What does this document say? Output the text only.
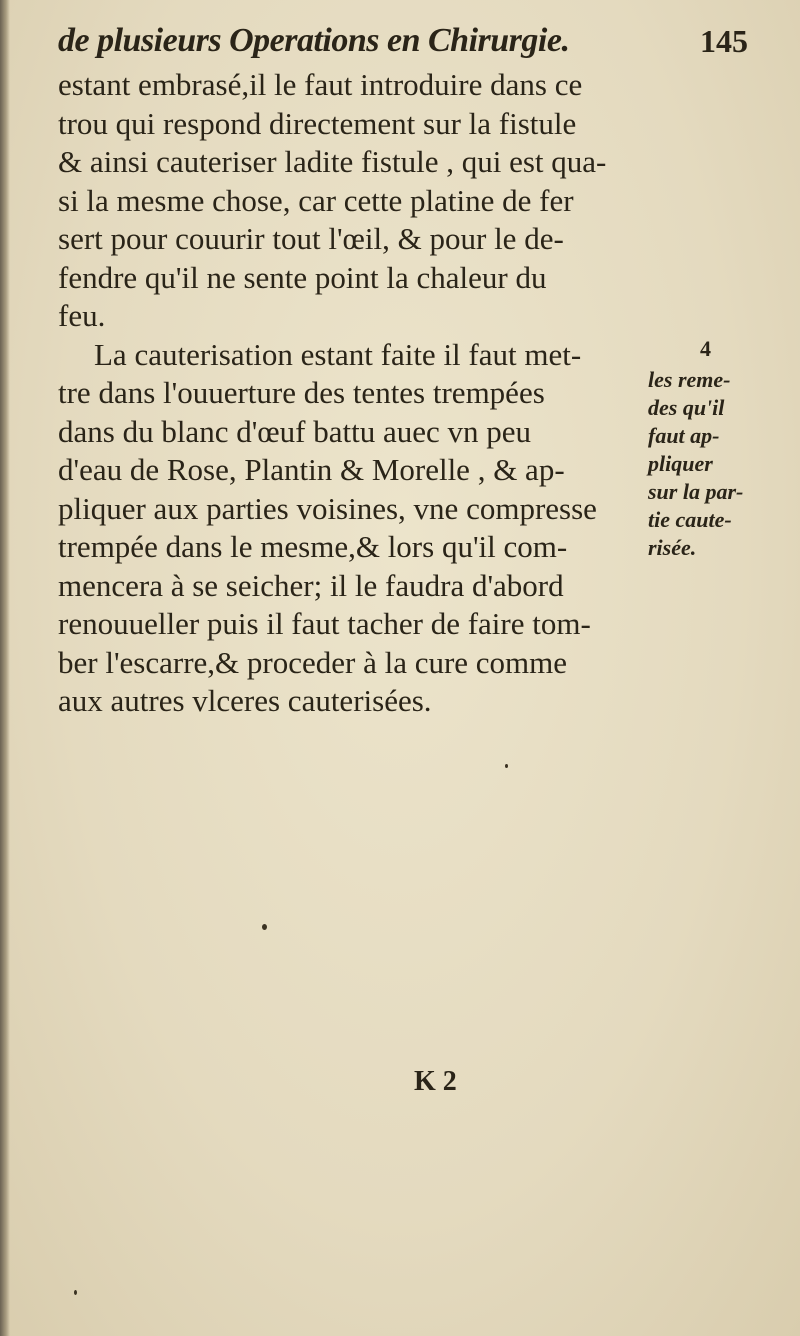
de plusieurs Operations en Chirurgie.	145
estant embrasé,il le faut introduire dans ce
trou qui respond directement sur la fistule
& ainsi cauteriser ladite fistule , qui est qua-
si la mesme chose, car cette platine de fer
sert pour couurir tout l'œil, & pour le de-
fendre qu'il ne sente point la chaleur du
feu.
La cauterisation estant faite il faut met-
tre dans l'ouuerture des tentes trempées
dans du blanc d'œuf battu auec vn peu
d'eau de Rose, Plantin & Morelle , & ap-
pliquer aux parties voisines, vne compresse
trempée dans le mesme,& lors qu'il com-
mencera à se seicher; il le faudra d'abord
renouueller puis il faut tacher de faire tom-
ber l'escarre,& proceder à la cure comme
aux autres vlceres cauterisées.
4
les reme-
des qu'il
faut ap-
pliquer
sur la par-
tie caute-
risée.
K 2
